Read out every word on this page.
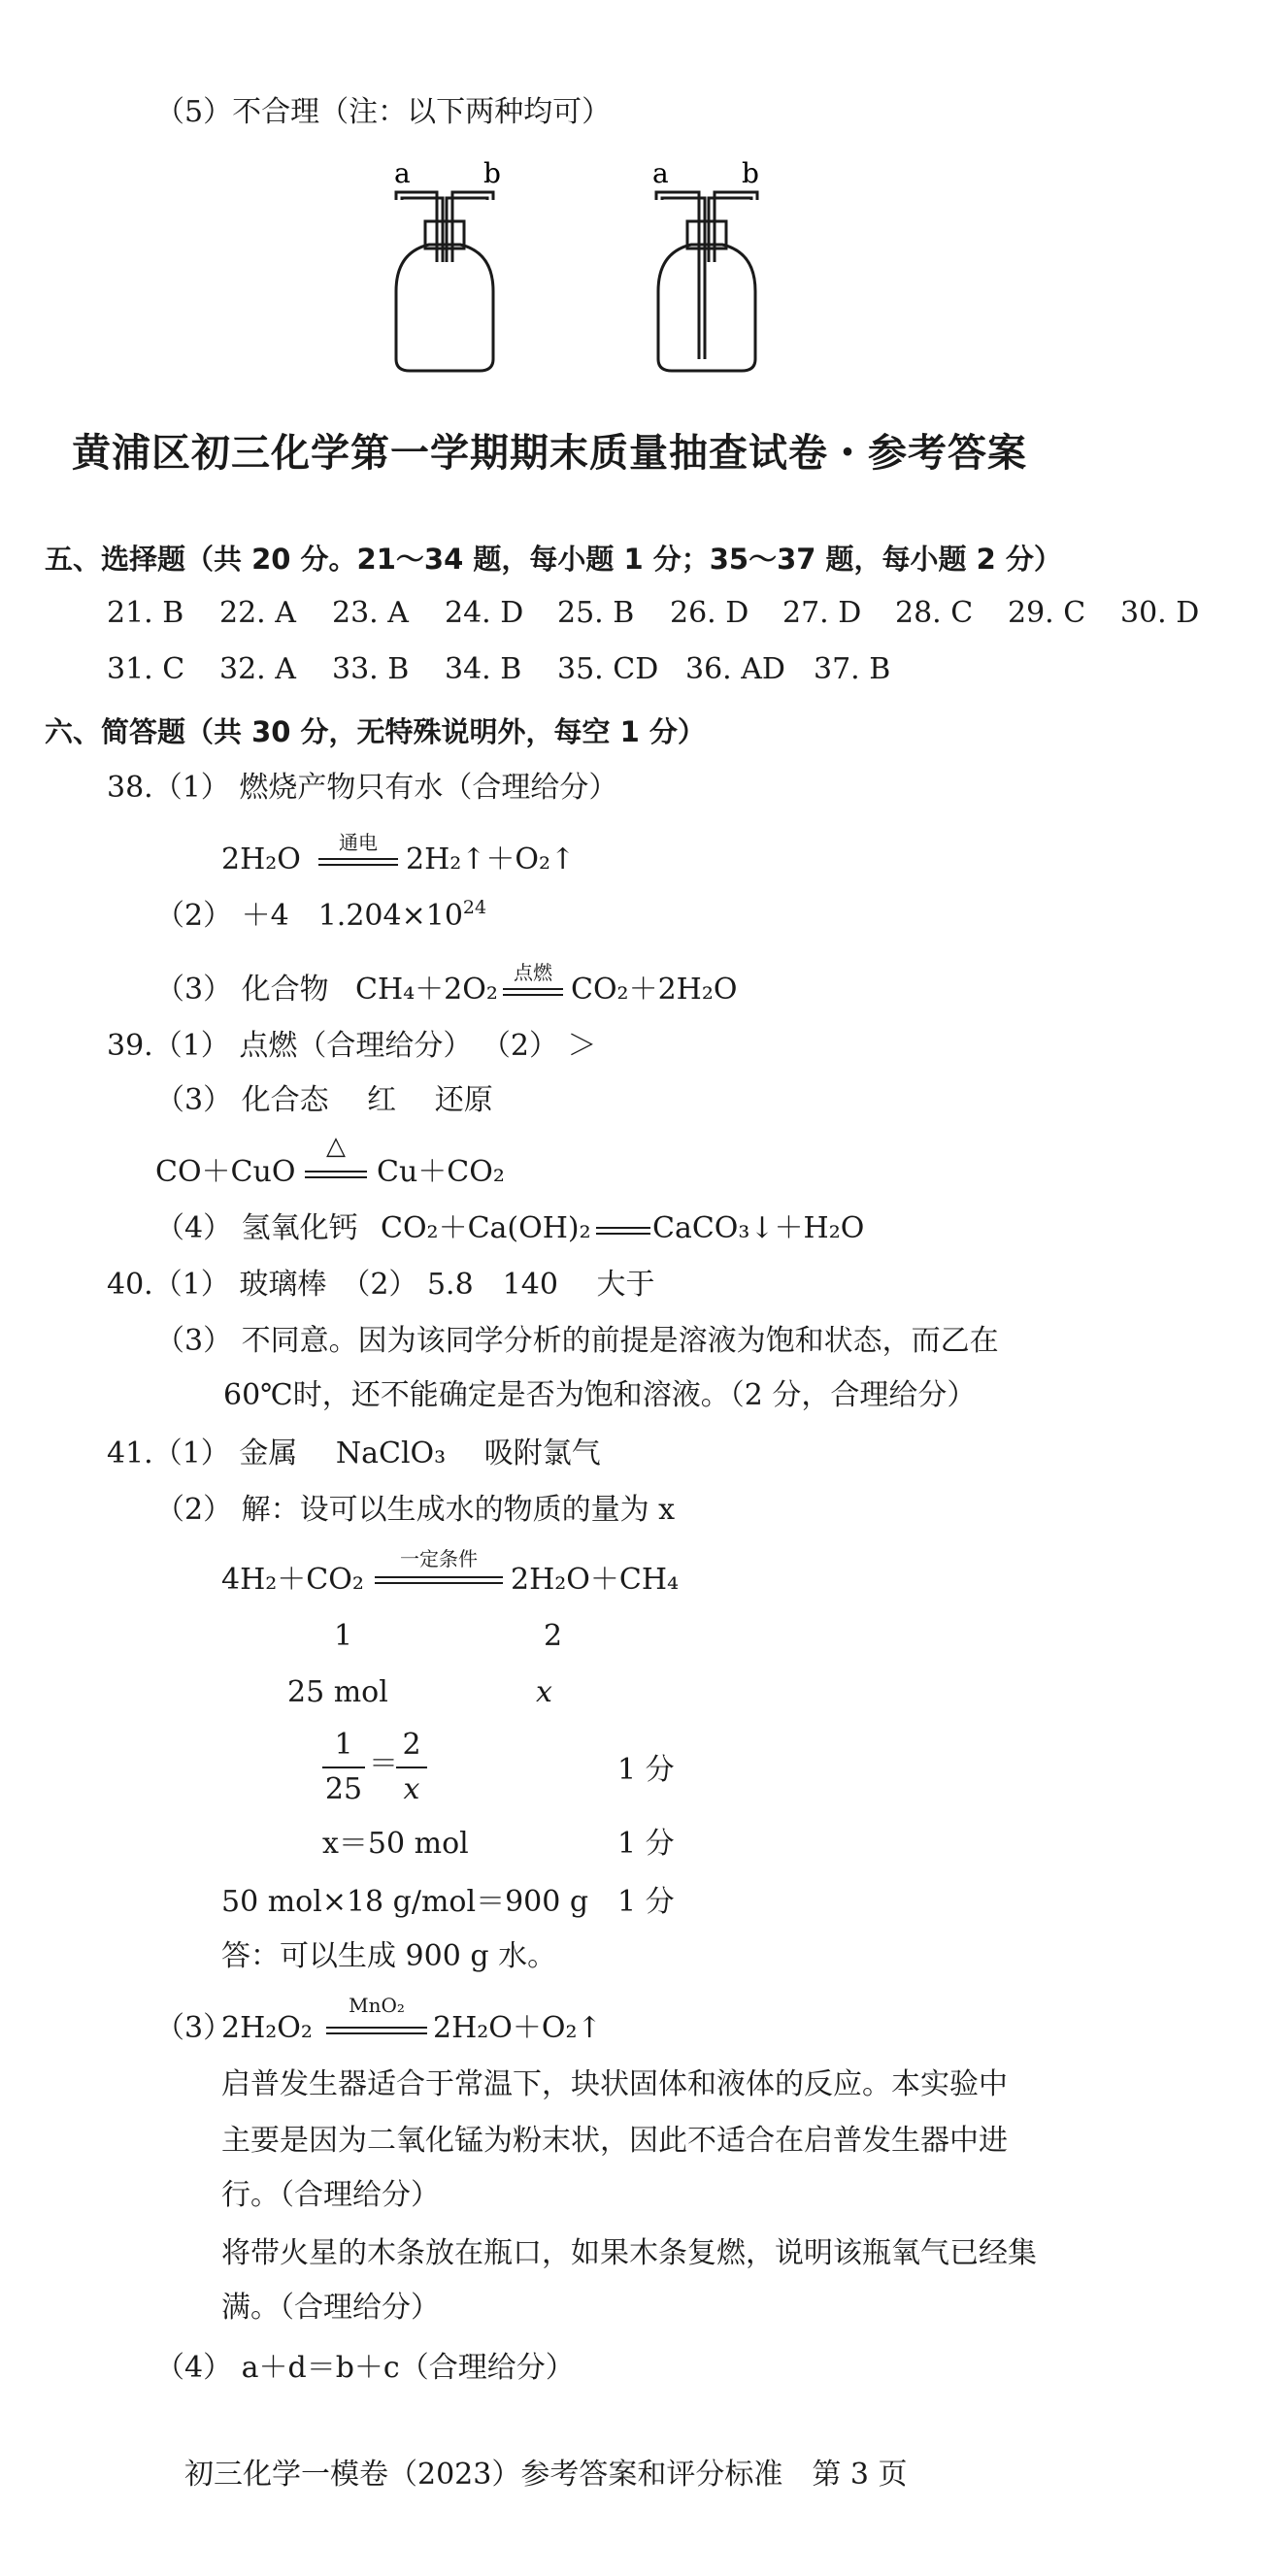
（5）不合理（注：以下两种均可）
a	b	a	b
黄浦区初三化学第一学期期末质量抽查试卷・参考答案
五、选择题（共 20 分。21～34 题，每小题 1 分；35～37 题，每小题 2 分）
21. B 22. A 23. A 24. D 25. B 26. D 27. D 28. C 29. C 30. D
31. C 32. A 33. B 34. B 35. CD 36. AD 37. B
六、简答题（共 30 分，无特殊说明外，每空 1 分）
38.（1） 燃烧产物只有水（合理给分）
2H₂O	通电 2H₂↑＋O₂↑
（2） ＋4 $1.204\times 10^{24}$
（3） 化合物 CH₄＋2O₂ 点燃 CO₂＋2H₂O
39.（1） 点燃（合理给分） （2） ＞
（3） 化合态　 红　 还原
CO＋CuO
△
Cu＋CO₂
（4） 氢氧化钙 CO₂＋Ca(OH)₂ CaCO₃↓＋H₂O
40.（1） 玻璃棒　（2） 5.8　140　 大于
（3） 不同意。因为该同学分析的前提是溶液为饱和状态，而乙在
60℃时，还不能确定是否为饱和溶液。（2 分，合理给分）
41.（1） 金属　 NaClO₃　 吸附氯气
（2） 解：设可以生成水的物质的量为 x
4H₂＋CO₂
一定条件
2H₂O＋CH₄
1	2
25 mol	x
1
25
＝
2
x
1 分
x＝50 mol	1 分
50 mol×18 g/mol＝900 g 1 分
答：可以生成 900 g 水。
（3）
2H₂O₂
MnO₂
2H₂O＋O₂↑
启普发生器适合于常温下，块状固体和液体的反应。本实验中
主要是因为二氧化锰为粉末状，因此不适合在启普发生器中进
行。（合理给分）
将带火星的木条放在瓶口，如果木条复燃，说明该瓶氧气已经集
满。（合理给分）
（4） a＋d＝b＋c（合理给分）
初三化学一模卷（2023）参考答案和评分标准　第 3 页
